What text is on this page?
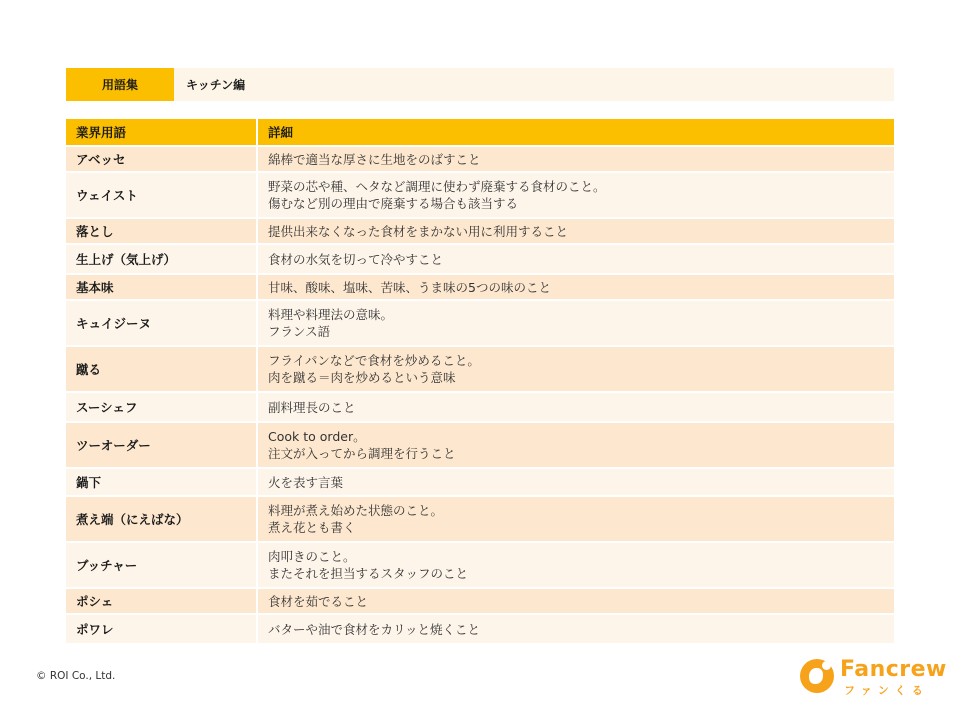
用語集	キッチン編
業界用語	詳細
アベッセ	綿棒で適当な厚さに生地をのばすこと

ウェイスト	野菜の芯や種、ヘタなど調理に使わず廃棄する食材のこと。
傷むなど別の理由で廃棄する場合も該当する

落とし	提供出来なくなった食材をまかない用に利用すること

生上げ（気上げ）	食材の水気を切って冷やすこと

基本味	甘味、酸味、塩味、苦味、うま味の5つの味のこと

キュイジーヌ	料理や料理法の意味。
フランス語

蹴る	フライパンなどで食材を炒めること。
肉を蹴る＝肉を炒めるという意味

スーシェフ	副料理長のこと

ツーオーダー	Cook to order。
注文が入ってから調理を行うこと

鍋下	火を表す言葉

煮え端（にえばな）	料理が煮え始めた状態のこと。
煮え花とも書く

ブッチャー	肉叩きのこと。
またそれを担当するスタッフのこと

ポシェ	食材を茹でること

ポワレ	バターや油で食材をカリッと焼くこと
© ROI Co., Ltd.	Fancrew
ファンくる
